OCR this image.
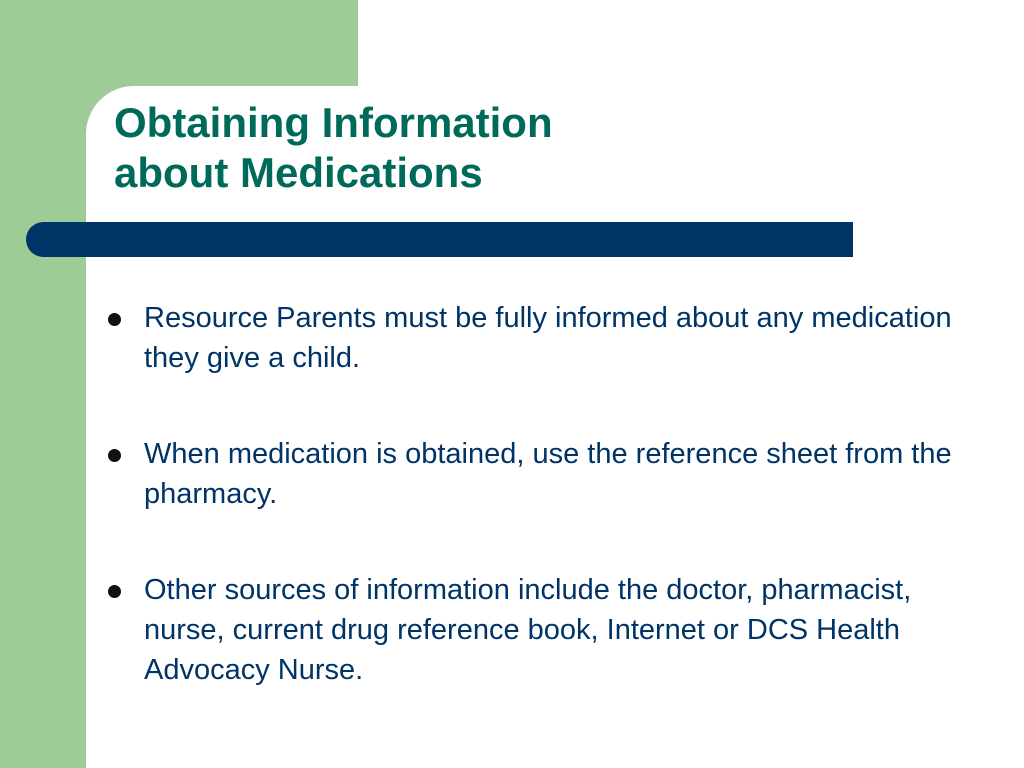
Obtaining Information
about Medications
Resource Parents must be fully informed about any medication they give a child.
When medication is obtained, use the reference sheet from the pharmacy.
Other sources of information include the doctor, pharmacist, nurse, current drug reference book, Internet or DCS Health Advocacy Nurse.
